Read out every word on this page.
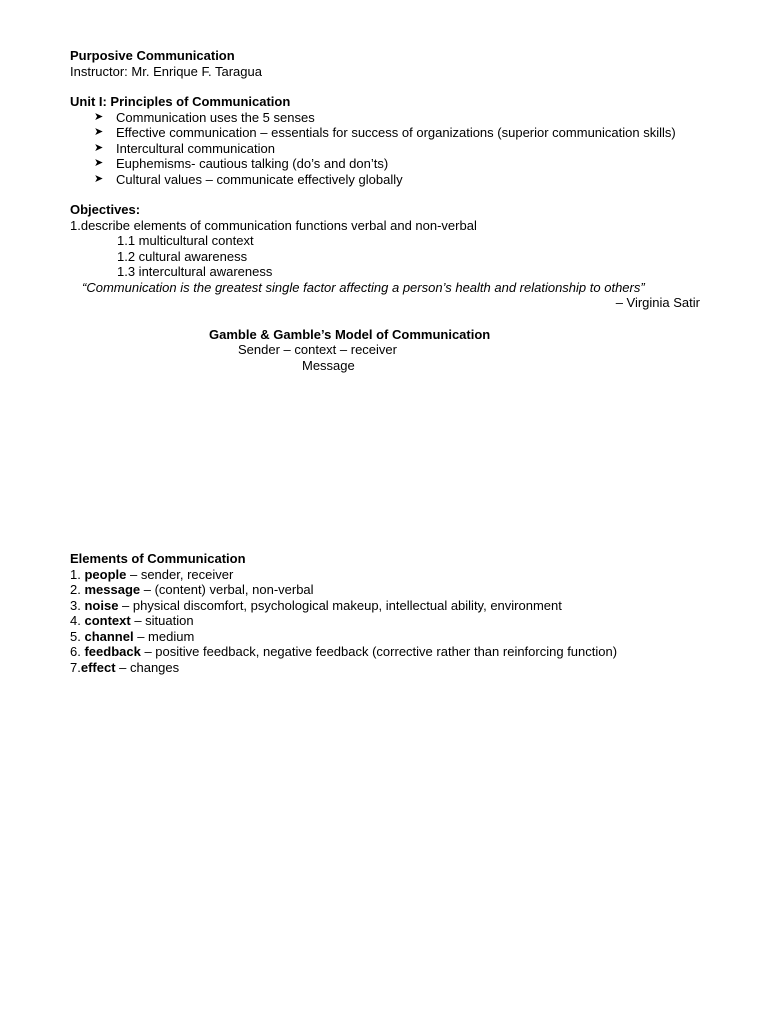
Purposive Communication
Instructor: Mr. Enrique F. Taragua
Unit I: Principles of Communication
➤ Communication uses the 5 senses
➤ Effective communication – essentials for success of organizations (superior communication skills)
➤ Intercultural communication
➤ Euphemisms- cautious talking (do’s and don’ts)
➤ Cultural values – communicate effectively globally
Objectives:
1.describe elements of communication functions verbal and non-verbal
1.1 multicultural context
1.2 cultural awareness
1.3 intercultural awareness
“Communication is the greatest single factor affecting a person’s health and relationship to others”
– Virginia Satir
Gamble & Gamble’s Model of Communication
Sender – context – receiver
Message
Elements of Communication
1. people – sender, receiver
2. message – (content) verbal, non-verbal
3. noise – physical discomfort, psychological makeup, intellectual ability, environment
4. context – situation
5. channel – medium
6. feedback – positive feedback, negative feedback (corrective rather than reinforcing function)
7.effect – changes
